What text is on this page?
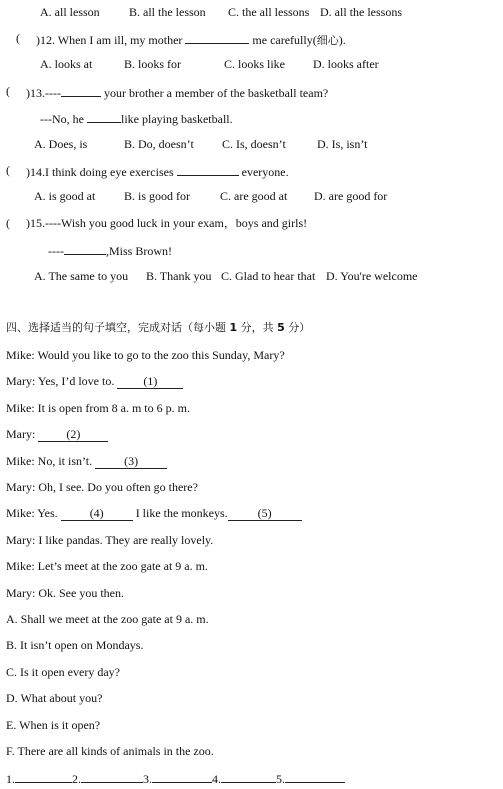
A. all lesson B. all the lesson C. the all lessons D. all the lessons
( )12. When I am ill, my mother	me carefully(细心).
A. looks at	B. looks for	C. looks like D. looks after
( )13.----	your brother a member of the basketball team?
---No, he	like playing basketball.
A. Does, is	B. Do, doesn’t C. Is, doesn’t	D. Is, isn’t
( )14.I think doing eye exercises	everyone.
A. is good at B. is good for	C. are good at D. are good for
( )15.----Wish you good luck in your exam，boys and girls!
----	,Miss Brown!
A. The same to you B. Thank you C. Glad to hear that D. You're welcome
四、选择适当的句子填空，完成对话（每小题 1 分，共 5 分）
Mike: Would you like to go to the zoo this Sunday, Mary?
Mary: Yes, I’d love to. (1)
Mike: It is open from 8 a. m to 6 p. m.
Mary:	(2)
Mike: No, it isn’t.	(3)
Mary: Oh, I see. Do you often go there?
Mike: Yes.	(4)	I like the monkeys.	(5)
Mary: I like pandas. They are really lovely.
Mike: Let’s meet at the zoo gate at 9 a. m.
Mary: Ok. See you then.
A. Shall we meet at the zoo gate at 9 a. m.
B. It isn’t open on Mondays.
C. Is it open every day?
D. What about you?
E. When is it open?
F. There are all kinds of animals in the zoo.
1.	2.	3.	4.	5.
